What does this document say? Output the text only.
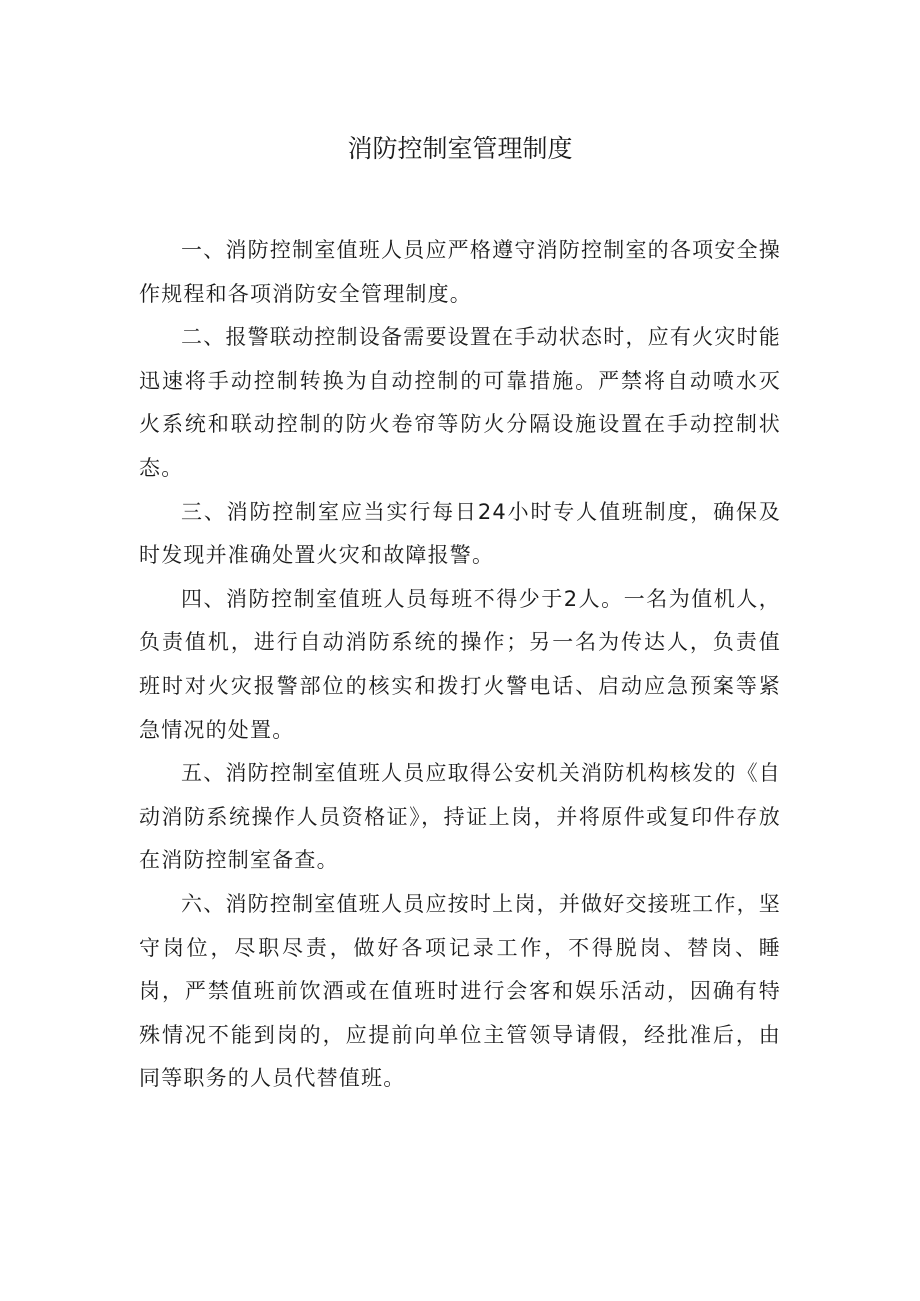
消防控制室管理制度

一、消防控制室值班人员应严格遵守消防控制室的各项安全操作规程和各项消防安全管理制度。

二、报警联动控制设备需要设置在手动状态时，应有火灾时能迅速将手动控制转换为自动控制的可靠措施。严禁将自动喷水灭火系统和联动控制的防火卷帘等防火分隔设施设置在手动控制状态。

三、消防控制室应当实行每日24小时专人值班制度，确保及时发现并准确处置火灾和故障报警。

四、消防控制室值班人员每班不得少于2人。一名为值机人，负责值机，进行自动消防系统的操作；另一名为传达人，负责值班时对火灾报警部位的核实和拨打火警电话、启动应急预案等紧急情况的处置。

五、消防控制室值班人员应取得公安机关消防机构核发的《自动消防系统操作人员资格证》，持证上岗，并将原件或复印件存放在消防控制室备查。

六、消防控制室值班人员应按时上岗，并做好交接班工作，坚守岗位，尽职尽责，做好各项记录工作，不得脱岗、替岗、睡岗，严禁值班前饮酒或在值班时进行会客和娱乐活动，因确有特殊情况不能到岗的，应提前向单位主管领导请假，经批准后，由同等职务的人员代替值班。
